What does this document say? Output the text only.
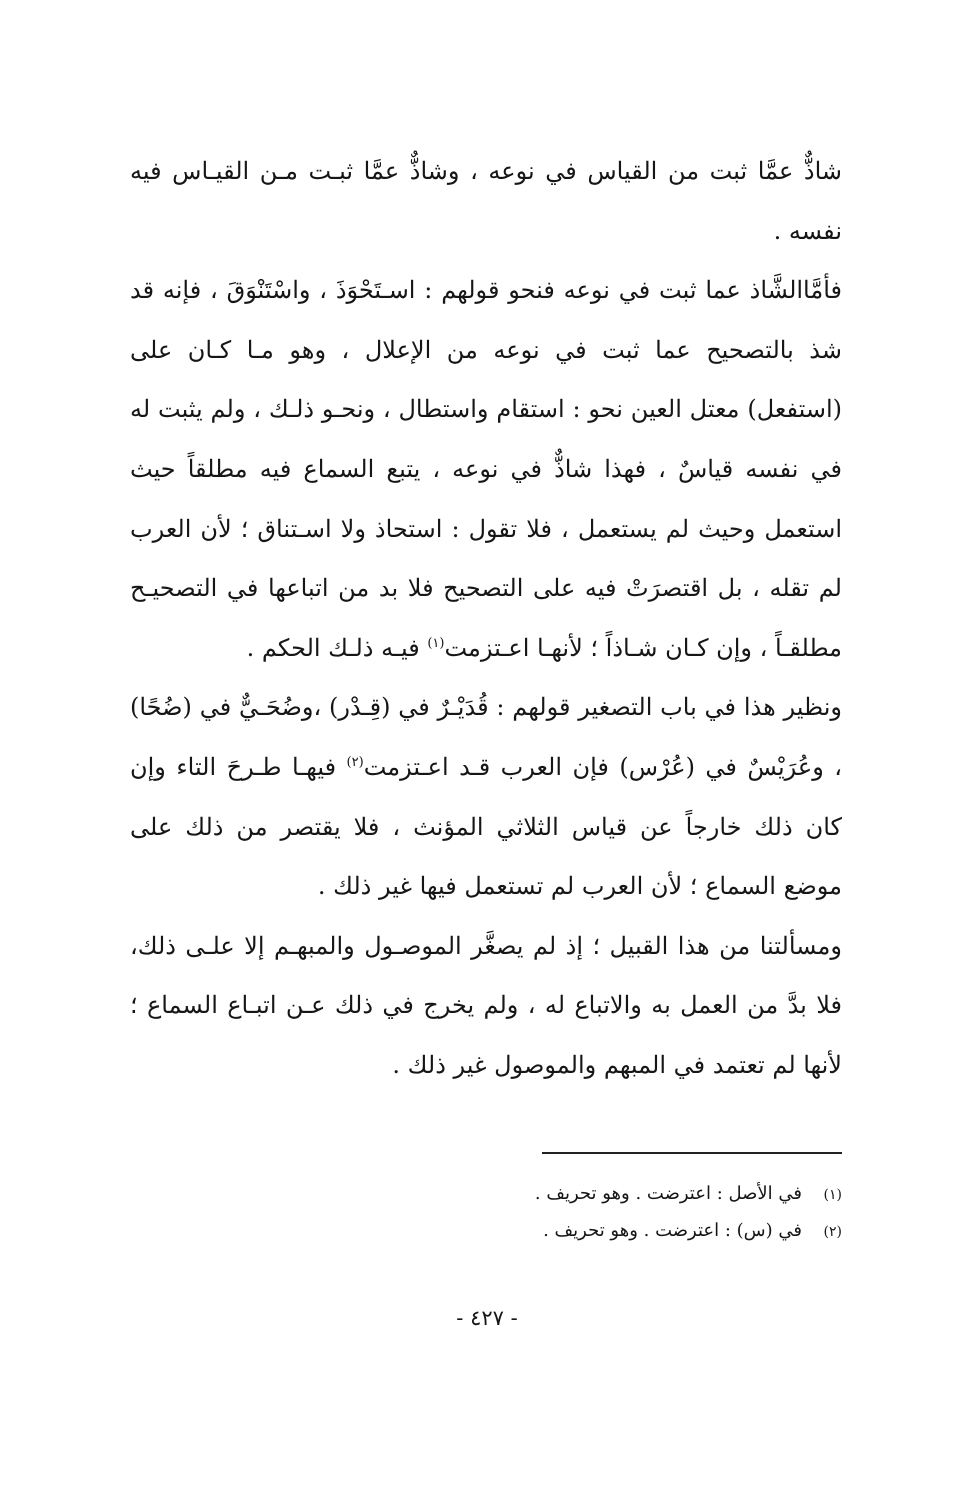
شاذٌّ عمَّا ثبت من القياس في نوعه ، وشاذٌّ عمَّا ثبـت مـن القيـاس فيه نفسه .

فأمَّاالشَّاذ عما ثبت في نوعه فنحو قولهم : اسـتَحْوَذَ ، واسْتَنْوَقَ ، فإنه قد شذ بالتصحيح عما ثبت في نوعه من الإعلال ، وهو مـا كـان على (استفعل) معتل العين نحو : استقام واستطال ، ونحـو ذلـك ، ولم يثبت له في نفسه قياسٌ ، فهذا شاذٌّ في نوعه ، يتبع السماع فيه مطلقاً حيث استعمل وحيث لم يستعمل ، فلا تقول : استحاذ ولا اسـتناق ؛ لأن العرب لم تقله ، بل اقتصرَتْ فيه على التصحيح فلا بد من اتباعها في التصحيـح مطلقـاً ، وإن كـان شـاذاً ؛ لأنهـا اعـتزمت$^{(١)}$ فيـه ذلـك الحكم .

ونظير هذا في باب التصغير قولهم : قُدَيْـرٌ في (قِـدْر) ،وضُحَـيٌّ في (ضُحًا) ، وعُرَيْسٌ في (عُرْس) فإن العرب قـد اعـتزمت$^{(٢)}$ فيهـا طـرحَ التاء وإن كان ذلك خارجاً عن قياس الثلاثي المؤنث ، فلا يقتصر من ذلك على موضع السماع ؛ لأن العرب لم تستعمل فيها غير ذلك .

ومسألتنا من هذا القبيل ؛ إذ لم يصغَّر الموصـول والمبهـم إلا علـى ذلك، فلا بدَّ من العمل به والاتباع له ، ولم يخرج في ذلك عـن اتبـاع السماع ؛ لأنها لم تعتمد في المبهم والموصول غير ذلك .

(١)
في الأصل : اعترضت . وهو تحريف .
(٢)
في (س) : اعترضت . وهو تحريف .
- ٤٢٧ -
